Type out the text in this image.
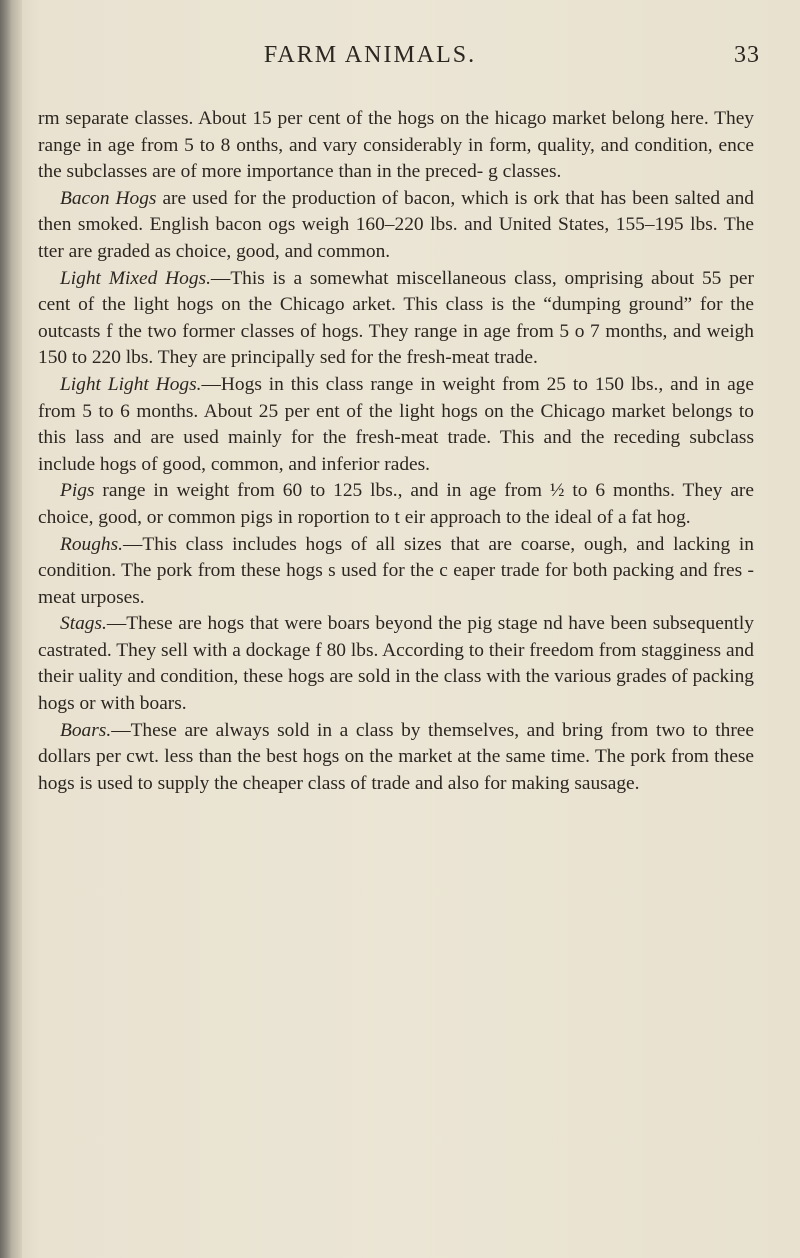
FARM ANIMALS.	33

rm separate classes. About 15 per cent of the hogs on the hicago market belong here. They range in age from 5 to 8 onths, and vary considerably in form, quality, and condition, ence the subclasses are of more importance than in the preced- g classes.

Bacon Hogs are used for the production of bacon, which is ork that has been salted and then smoked. English bacon ogs weigh 160–220 lbs. and United States, 155–195 lbs. The tter are graded as choice, good, and common.

Light Mixed Hogs.—This is a somewhat miscellaneous class, omprising about 55 per cent of the light hogs on the Chicago arket. This class is the “dumping ground” for the outcasts f the two former classes of hogs. They range in age from 5 o 7 months, and weigh 150 to 220 lbs. They are principally sed for the fresh-meat trade.

Light Light Hogs.—Hogs in this class range in weight from 25 to 150 lbs., and in age from 5 to 6 months. About 25 per ent of the light hogs on the Chicago market belongs to this lass and are used mainly for the fresh-meat trade. This and the receding subclass include hogs of good, common, and inferior rades.

Pigs range in weight from 60 to 125 lbs., and in age from ½ to 6 months. They are choice, good, or common pigs in roportion to t eir approach to the ideal of a fat hog.

Roughs.—This class includes hogs of all sizes that are coarse, ough, and lacking in condition. The pork from these hogs s used for the c eaper trade for both packing and fres -meat urposes.

Stags.—These are hogs that were boars beyond the pig stage nd have been subsequently castrated. They sell with a dockage f 80 lbs. According to their freedom from stagginess and their uality and condition, these hogs are sold in the class with the various grades of packing hogs or with boars.

Boars.—These are always sold in a class by themselves, and bring from two to three dollars per cwt. less than the best hogs on the market at the same time. The pork from these hogs is used to supply the cheaper class of trade and also for making sausage.
